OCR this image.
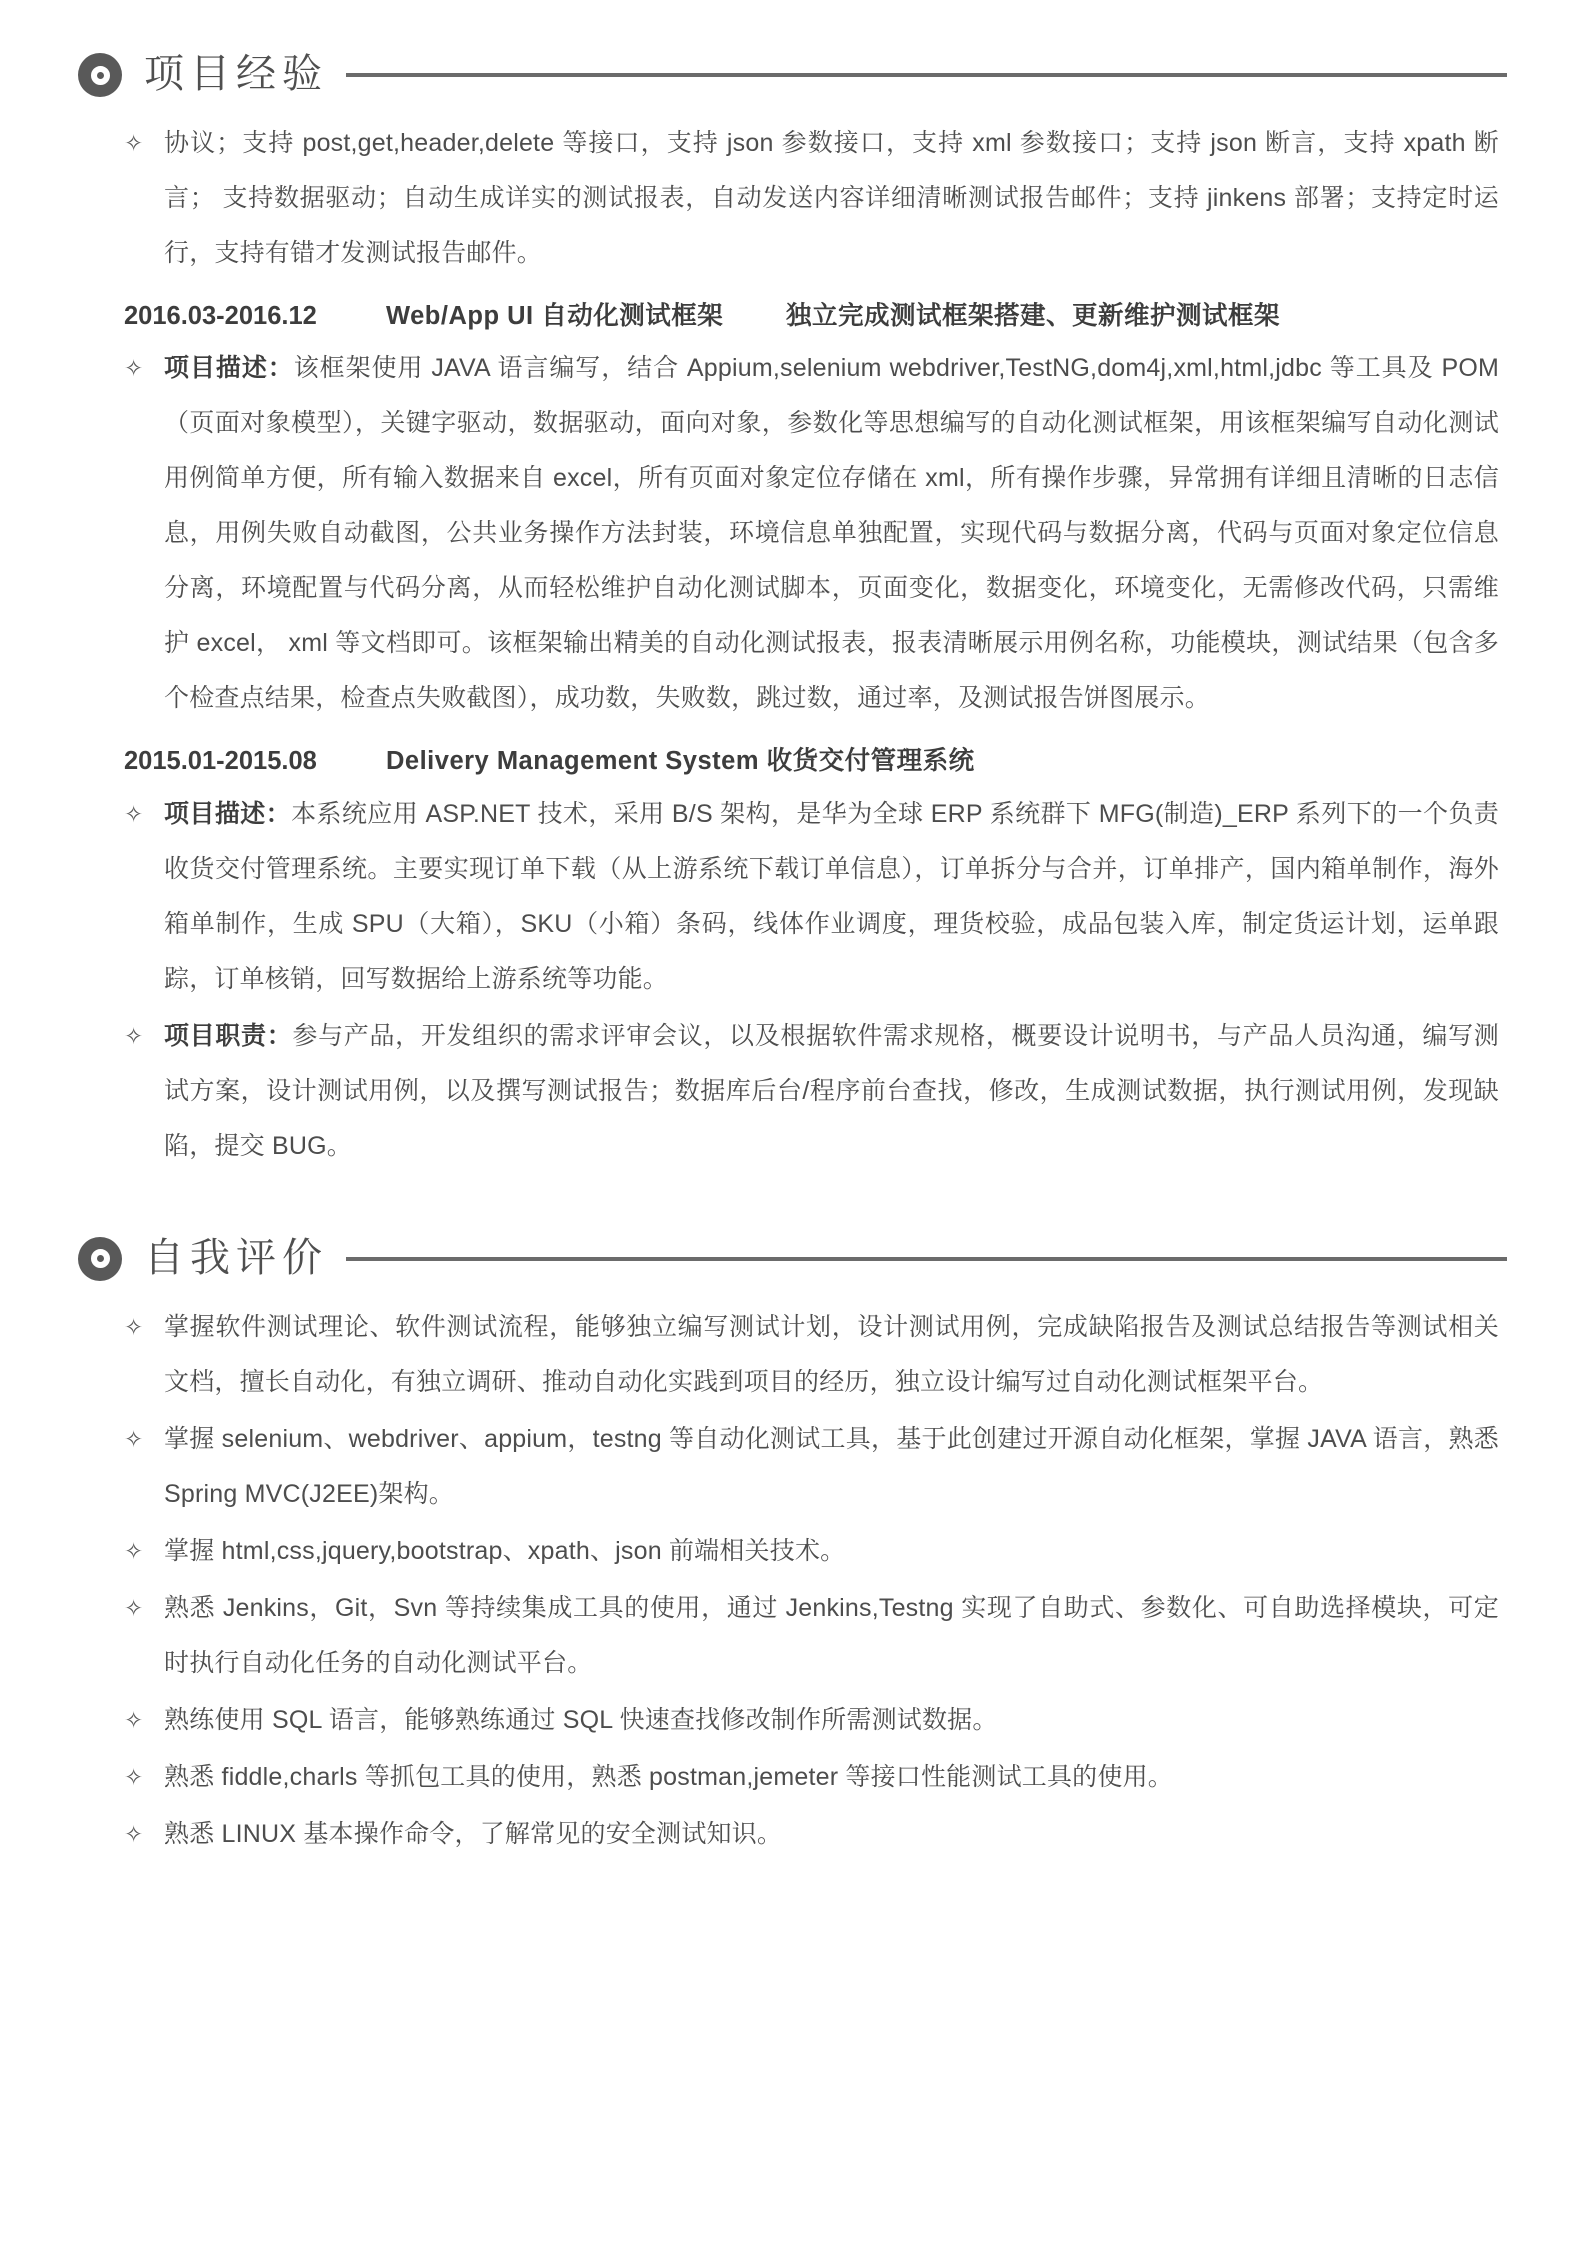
项目经验
✧ 协议；支持 post,get,header,delete 等接口，支持 json 参数接口，支持 xml 参数接口；支持 json 断言，支持 xpath 断言； 支持数据驱动；自动生成详实的测试报表，自动发送内容详细清晰测试报告邮件；支持 jinkens 部署；支持定时运行，支持有错才发测试报告邮件。
2016.03-2016.12	Web/App UI 自动化测试框架	独立完成测试框架搭建、更新维护测试框架
✧ 项目描述：该框架使用 JAVA 语言编写，结合 Appium,selenium webdriver,TestNG,dom4j,xml,html,jdbc 等工具及 POM（页面对象模型），关键字驱动，数据驱动，面向对象，参数化等思想编写的自动化测试框架，用该框架编写自动化测试用例简单方便，所有输入数据来自 excel，所有页面对象定位存储在 xml，所有操作步骤，异常拥有详细且清晰的日志信息，用例失败自动截图，公共业务操作方法封装，环境信息单独配置，实现代码与数据分离，代码与页面对象定位信息分离，环境配置与代码分离，从而轻松维护自动化测试脚本，页面变化，数据变化，环境变化，无需修改代码，只需维护 excel， xml 等文档即可。该框架输出精美的自动化测试报表，报表清晰展示用例名称，功能模块，测试结果（包含多个检查点结果，检查点失败截图），成功数，失败数，跳过数，通过率，及测试报告饼图展示。
2015.01-2015.08	Delivery Management System 收货交付管理系统
✧ 项目描述：本系统应用 ASP.NET 技术，采用 B/S 架构，是华为全球 ERP 系统群下 MFG(制造)_ERP 系列下的一个负责收货交付管理系统。主要实现订单下载（从上游系统下载订单信息），订单拆分与合并，订单排产，国内箱单制作，海外箱单制作，生成 SPU（大箱），SKU（小箱）条码，线体作业调度，理货校验，成品包装入库，制定货运计划，运单跟踪，订单核销，回写数据给上游系统等功能。
✧ 项目职责：参与产品，开发组织的需求评审会议，以及根据软件需求规格，概要设计说明书，与产品人员沟通，编写测试方案，设计测试用例，以及撰写测试报告；数据库后台/程序前台查找，修改，生成测试数据，执行测试用例，发现缺陷，提交 BUG。
自我评价
✧ 掌握软件测试理论、软件测试流程，能够独立编写测试计划，设计测试用例，完成缺陷报告及测试总结报告等测试相关文档，擅长自动化，有独立调研、推动自动化实践到项目的经历，独立设计编写过自动化测试框架平台。
✧ 掌握 selenium、webdriver、appium，testng 等自动化测试工具，基于此创建过开源自动化框架，掌握 JAVA 语言，熟悉 Spring MVC(J2EE)架构。
✧ 掌握 html,css,jquery,bootstrap、xpath、json 前端相关技术。
✧ 熟悉 Jenkins，Git，Svn 等持续集成工具的使用，通过 Jenkins,Testng 实现了自助式、参数化、可自助选择模块，可定时执行自动化任务的自动化测试平台。
✧ 熟练使用 SQL 语言，能够熟练通过 SQL 快速查找修改制作所需测试数据。
✧ 熟悉 fiddle,charls 等抓包工具的使用，熟悉 postman,jemeter 等接口性能测试工具的使用。
✧ 熟悉 LINUX 基本操作命令，了解常见的安全测试知识。
